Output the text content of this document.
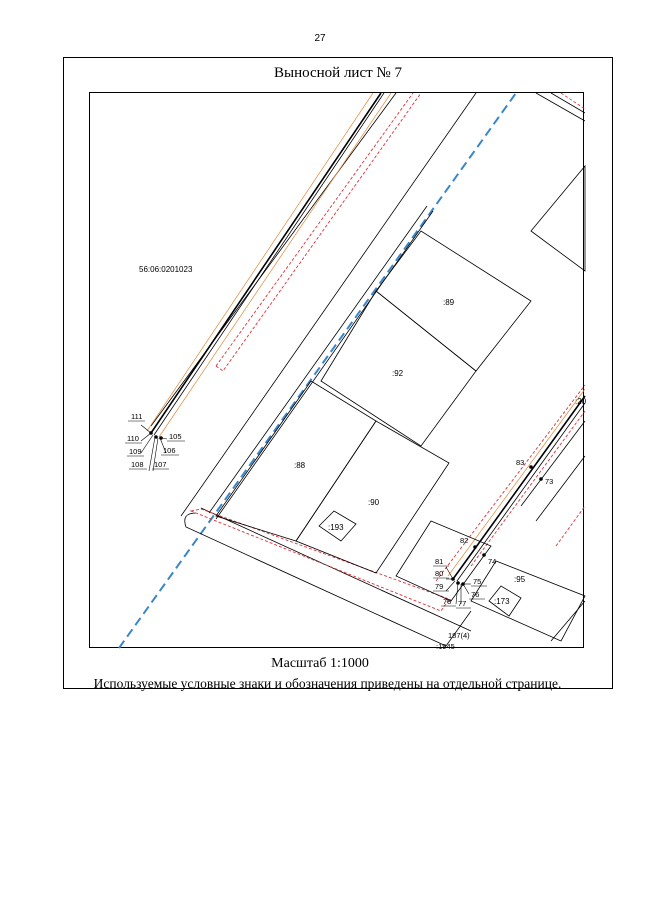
27
Выносной лист № 7
56:06:0201023
:89
:92
:88
:90
:193
:95
:173
:20
187(4)
:1945
111
110
109
108 107
106
105
83
73
82
74
81
80
79
78 77
76
75
Масштаб 1:1000
Используемые условные знаки и обозначения приведены на отдельной странице.
